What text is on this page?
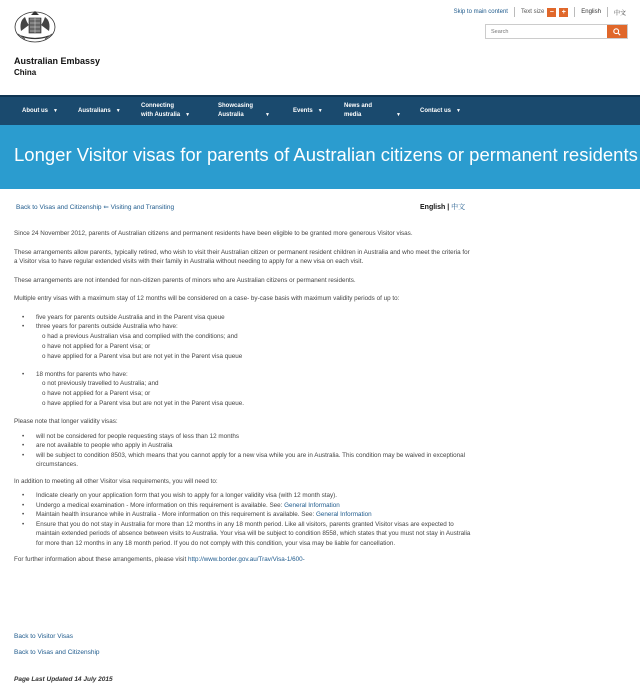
Australian Embassy
China
Skip to main content Text size −	+	English 中文
Search
About us ▼	Australians ▼
Connecting
with Australia ▼
Showcasing
Australia	▼
Events ▼
News and
media	▼
Contact us ▼
Longer Visitor visas for parents of Australian citizens or permanent residents
Back to Visas and Citizenship ⇐ Visiting and Transiting	English | 中文

Since 24 November 2012, parents of Australian citizens and permanent residents have been eligible to be granted more generous Visitor visas.

These arrangements allow parents, typically retired, who wish to visit their Australian citizen or permanent resident children in Australia and who meet the criteria for a Visitor visa to have regular extended visits with their family in Australia without needing to apply for a new visa on each visit.

These arrangements are not intended for non-citizen parents of minors who are Australian citizens or permanent residents.

Multiple entry visas with a maximum stay of 12 months will be considered on a case- by-case basis with maximum validity periods of up to:

• five years for parents outside Australia and in the Parent visa queue
• three years for parents outside Australia who have:
o had a previous Australian visa and complied with the conditions; and
o have not applied for a Parent visa; or
o have applied for a Parent visa but are not yet in the Parent visa queue
• 18 months for parents who have:
o not previously travelled to Australia; and
o have not applied for a Parent visa; or
o have applied for a Parent visa but are not yet in the Parent visa queue.

Please note that longer validity visas:

• will not be considered for people requesting stays of less than 12 months
• are not available to people who apply in Australia
• will be subject to condition 8503, which means that you cannot apply for a new visa while you are in Australia. This condition may be waived in exceptional circumstances.

In addition to meeting all other Visitor visa requirements, you will need to:

• Indicate clearly on your application form that you wish to apply for a longer validity visa (with 12 month stay).
• Undergo a medical examination - More information on this requirement is available. See: General Information
• Maintain health insurance while in Australia - More information on this requirement is available. See: General Information
• Ensure that you do not stay in Australia for more than 12 months in any 18 month period. Like all visitors, parents granted Visitor visas are expected to maintain extended periods of absence between visits to Australia. Your visa will be subject to condition 8558, which states that you must not stay in Australia for more than 12 months in any 18 month period. If you do not comply with this condition, your visa may be liable for cancellation.

For further information about these arrangements, please visit http://www.border.gov.au/Trav/Visa-1/600-

Back to Visitor Visas
Back to Visas and Citizenship
Page Last Updated 14 July 2015
